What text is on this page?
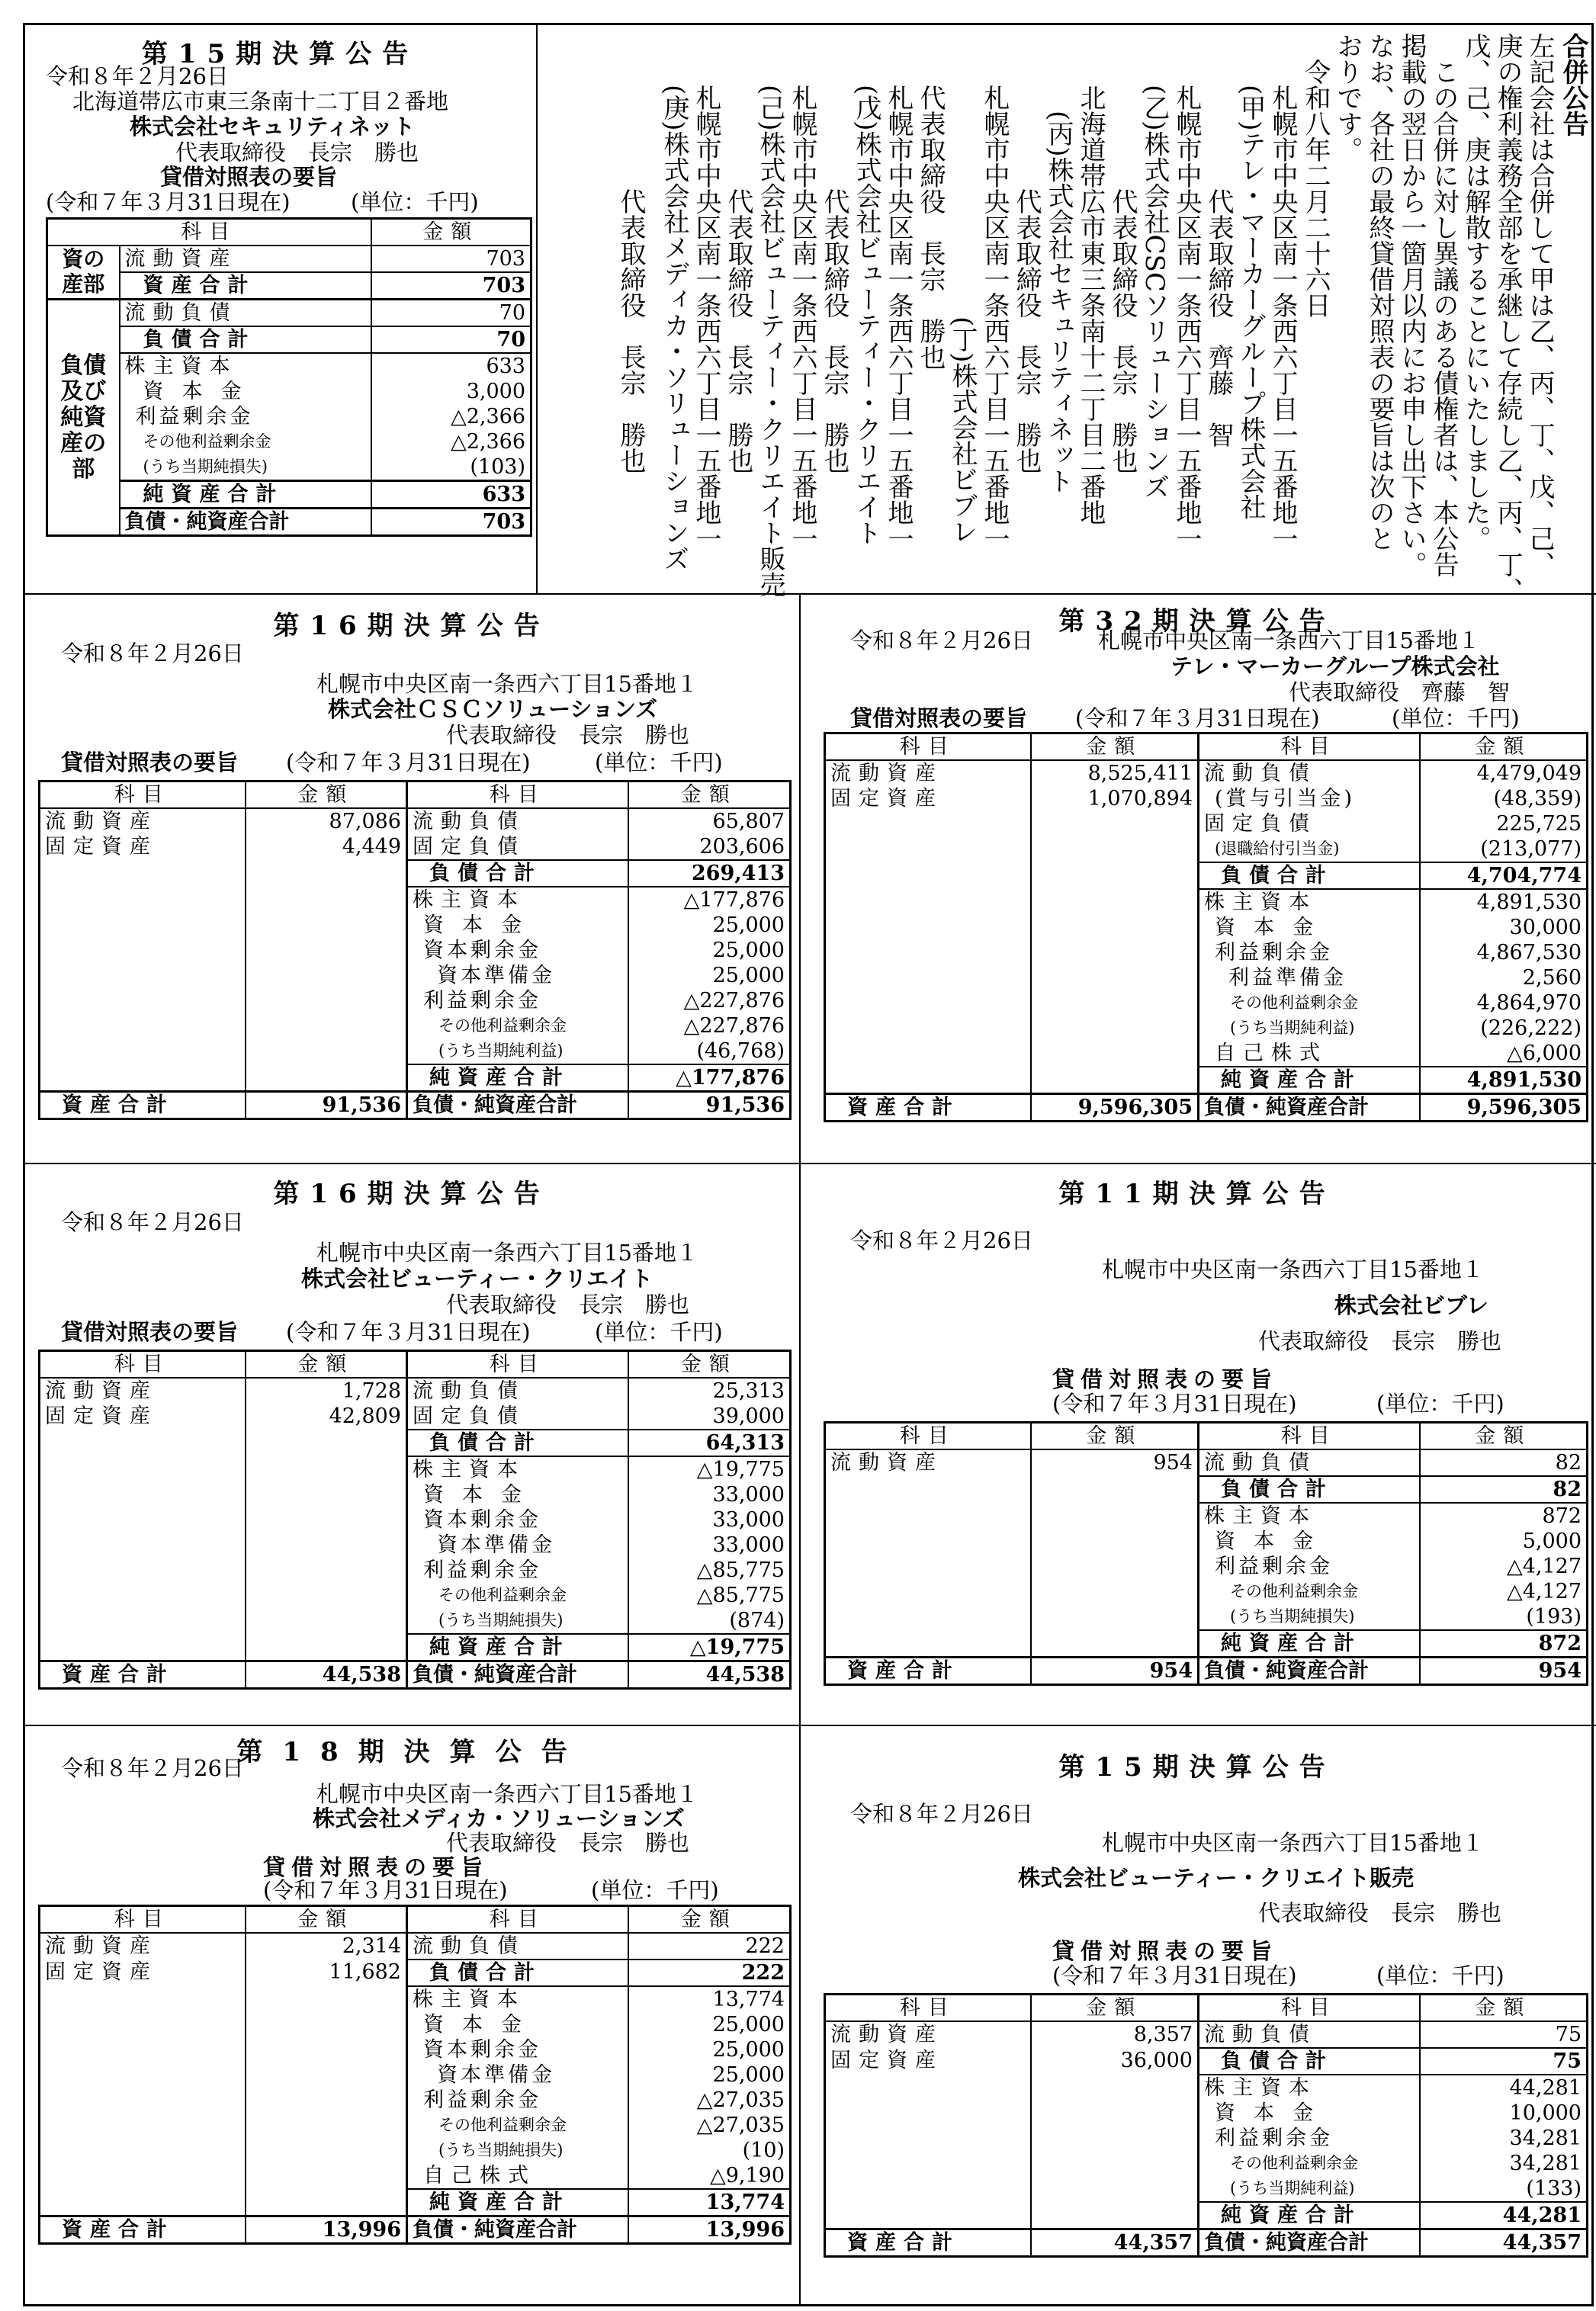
第15期決算公告
令和８年２月26日
北海道帯広市東三条南十二丁目２番地
株式会社セキュリティネット
代表取締役　長宗　勝也
貸借対照表の要旨
(令和７年３月31日現在)	(単位：千円)
科目		金額
資の産部	流動資産	703
	資産合計	703
負債及び
純資産の部	流動負債	70
	負債合計	70
	株主資本	633
	資本金	3,000
	利益剰余金	△2,366
	その他利益剰余金	△2,366
	(うち当期純損失)	(103)
	純資産合計	633
	負債・純資産合計	703
合併公告
左記会社は合併して甲は乙、丙、丁、戊、己、
庚の権利義務全部を承継して存続し乙、丙、丁、
戊、己、庚は解散することにいたしました。
この合併に対し異議のある債権者は、本公告
掲載の翌日から一箇月以内にお申し出下さい。
なお、各社の最終貸借対照表の要旨は次のと
おりです。
令和八年二月二十六日
札幌市中央区南一条西六丁目一五番地一
(甲)テレ・マーカーグループ株式会社
代表取締役　齊藤　智
札幌市中央区南一条西六丁目一五番地一
(乙)株式会社CSCソリューションズ
代表取締役　長宗　勝也
北海道帯広市東三条南十二丁目二番地
(丙)株式会社セキュリティネット
代表取締役　長宗　勝也
札幌市中央区南一条西六丁目一五番地一
(丁)株式会社ビブレ
代表取締役　長宗　勝也
札幌市中央区南一条西六丁目一五番地一
(戊)株式会社ビューティー・クリエイト
代表取締役　長宗　勝也
札幌市中央区南一条西六丁目一五番地一
(己)株式会社ビューティー・クリエイト販売
代表取締役　長宗　勝也
札幌市中央区南一条西六丁目一五番地一
(庚)株式会社メディカ・ソリューションズ
代表取締役　長宗　勝也
第16期決算公告
令和８年２月26日
札幌市中央区南一条西六丁目15番地１
株式会社ＣＳＣソリューションズ
代表取締役　長宗　勝也
貸借対照表の要旨 (令和７年３月31日現在)	(単位：千円)
科目	金額	科目	金額
流動資産	87,086	流動負債	65,807
固定資産	4,449	固定負債	203,606
		負債合計	269,413
		株主資本	△177,876
		資本金	25,000
		資本剰余金	25,000
		資本準備金	25,000
		利益剰余金	△227,876
		その他利益剰余金	△227,876
		(うち当期純利益)	(46,768)
		純資産合計	△177,876
資産合計	91,536	負債・純資産合計	91,536
第32期決算公告
令和８年２月26日	札幌市中央区南一条西六丁目15番地１
テレ・マーカーグループ株式会社
代表取締役　齊藤　智
貸借対照表の要旨 (令和７年３月31日現在)	(単位：千円)
科目	金額	科目	金額
流動資産	8,525,411	流動負債	4,479,049
固定資産	1,070,894	(賞与引当金)	(48,359)
		固定負債	225,725
		(退職給付引当金)	(213,077)
		負債合計	4,704,774
		株主資本	4,891,530
		資本金	30,000
		利益剰余金	4,867,530
		利益準備金	2,560
		その他利益剰余金	4,864,970
		(うち当期純利益)	(226,222)
		自己株式	△6,000
		純資産合計	4,891,530
資産合計	9,596,305	負債・純資産合計	9,596,305
第16期決算公告
令和８年２月26日
札幌市中央区南一条西六丁目15番地１
株式会社ビューティー・クリエイト
代表取締役　長宗　勝也
貸借対照表の要旨 (令和７年３月31日現在)	(単位：千円)
科目	金額	科目	金額
流動資産	1,728	流動負債	25,313
固定資産	42,809	固定負債	39,000
		負債合計	64,313
		株主資本	△19,775
		資本金	33,000
		資本剰余金	33,000
		資本準備金	33,000
		利益剰余金	△85,775
		その他利益剰余金	△85,775
		(うち当期純損失)	(874)
		純資産合計	△19,775
資産合計	44,538	負債・純資産合計	44,538
第11期決算公告
令和８年２月26日
札幌市中央区南一条西六丁目15番地１
株式会社ビブレ
代表取締役　長宗　勝也
貸借対照表の要旨
(令和７年３月31日現在)	(単位：千円)
科目	金額	科目	金額
流動資産	954	流動負債	82
		負債合計	82
		株主資本	872
		資本金	5,000
		利益剰余金	△4,127
		その他利益剰余金	△4,127
		(うち当期純損失)	(193)
		純資産合計	872
資産合計	954	負債・純資産合計	954
第18期決算公告
令和８年２月26日
札幌市中央区南一条西六丁目15番地１
株式会社メディカ・ソリューションズ
代表取締役　長宗　勝也
貸借対照表の要旨
(令和７年３月31日現在)	(単位：千円)
科目	金額	科目	金額
流動資産	2,314	流動負債	222
固定資産	11,682	負債合計	222
		株主資本	13,774
		資本金	25,000
		資本剰余金	25,000
		資本準備金	25,000
		利益剰余金	△27,035
		その他利益剰余金	△27,035
		(うち当期純損失)	(10)
		自己株式	△9,190
		純資産合計	13,774
資産合計	13,996	負債・純資産合計	13,996
第15期決算公告
令和８年２月26日
札幌市中央区南一条西六丁目15番地１
株式会社ビューティー・クリエイト販売
代表取締役　長宗　勝也
貸借対照表の要旨
(令和７年３月31日現在)	(単位：千円)
科目	金額	科目	金額
流動資産	8,357	流動負債	75
固定資産	36,000	負債合計	75
		株主資本	44,281
		資本金	10,000
		利益剰余金	34,281
		その他利益剰余金	34,281
		(うち当期純利益)	(133)
		純資産合計	44,281
資産合計	44,357	負債・純資産合計	44,357
